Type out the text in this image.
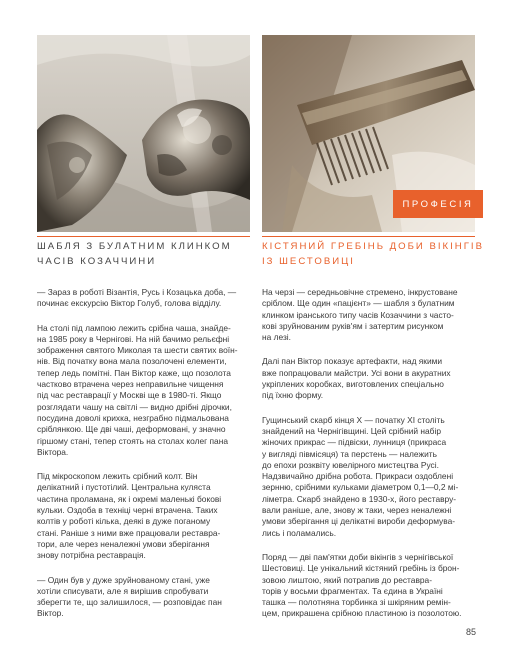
ПРОФЕСІЯ
ШАБЛЯ З БУЛАТНИМ КЛИНКОМ
ЧАСІВ КОЗАЧЧИНИ
КІСТЯНИЙ ГРЕБІНЬ ДОБИ ВІКІНГІВ
ІЗ ШЕСТОВИЦІ
— Зараз в роботі Візантія, Русь і Козацька доба, —
починає екскурсію Віктор Голуб, голова відділу.
На столі під лампою лежить срібна чаша, знайде-
на 1985 року в Чернігові. На ній бачимо рельєфні
зображення святого Миколая та шести святих воїн-
нів. Від початку вона мала позолочені елементи,
тепер ледь помітні. Пан Віктор каже, що позолота
частково втрачена через неправильне чищення
під час реставрації у Москві ще в 1980-ті. Якщо
розглядати чашу на світлі — видно дрібні дірочки,
посудина доволі крихка, незграбно підмальована
сріблянкою. Ще дві чаші, деформовані, у значно
гіршому стані, тепер стоять на столах колег пана
Віктора.
Під мікроскопом лежить срібний колт. Він
делікатний і пустотілий. Центральна кулястa
частина проламана, як і окремі маленькі бокові
кульки. Оздоба в техніці черні втрачена. Таких
колтів у роботі кілька, деякі в дуже поганому
стані. Раніше з ними вже працювали реставра-
тори, але через неналежні умови зберігання
знову потрібна реставрація.
— Один був у дуже зруйнованому стані, уже
хотіли списувати, але я вирішив спробувати
зберегти те, що залишилося, — розповідає пан
Віктор.
На черзі — середньовічне стремено, інкрустоване
сріблом. Ще один «пацієнт» — шабля з булатним
клинком іранського типу часів Козаччини з часто-
кові зруйнованим руків'ям і затертим рисунком
на лезі.
Далі пан Віктор показує артефакти, над якими
вже попрацювали майстри. Усі вони в акуратних
укріплених коробках, виготовлених спеціально
під їхню форму.
Гущинський скарб кінця X — початку XI століть
знайдений на Чернігівщині. Цей срібний набір
жіночих прикрас — підвіски, лунниця (прикраса
у вигляді півмісяця) та перстень — належить
до епохи розквіту ювелірного мистецтва Русі.
Надзвичайно дрібна робота. Прикраси оздоблені
зернню, срібними кульками діаметром 0,1—0,2 мі-
ліметра. Скарб знайдено в 1930-х, його реставру-
вали раніше, але, знову ж таки, через неналежні
умови зберігання ці делікатні вироби деформува-
лись і поламались.
Поряд — дві пам'ятки доби вікінгів з чернігівської
Шестовиці. Це унікальний кістяний гребінь із брон-
зовою лиштою, який потрапив до реставра-
торів у восьми фрагментах. Та єдина в Україні
ташка — полотняна торбинка зі шкіряним ремін-
цем, прикрашена срібною пластиною із позолотою.
85
